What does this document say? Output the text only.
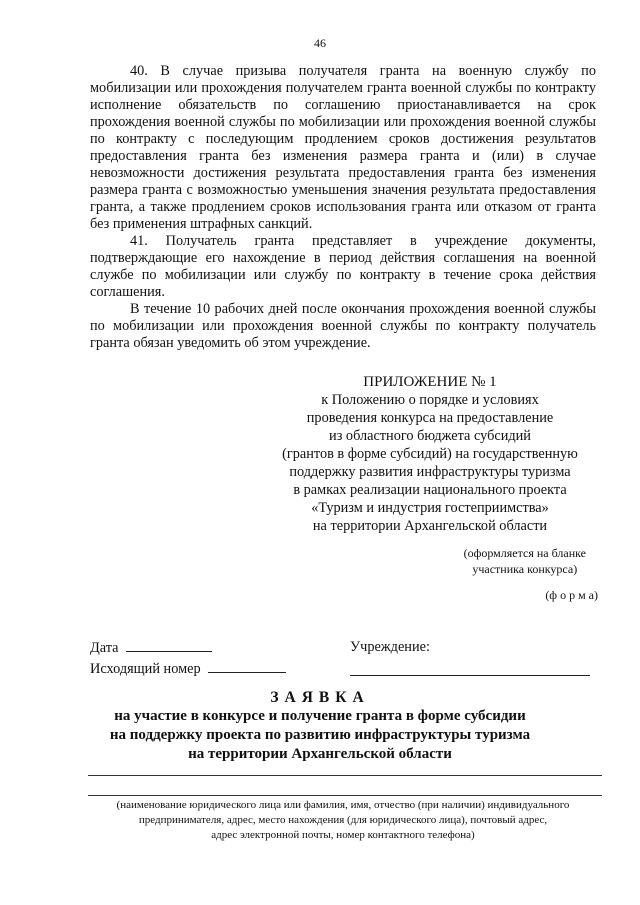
46

40. В случае призыва получателя гранта на военную службу по мобилизации или прохождения получателем гранта военной службы по контракту исполнение обязательств по соглашению приостанавливается на срок прохождения военной службы по мобилизации или прохождения военной службы по контракту с последующим продлением сроков достижения результатов предоставления гранта без изменения размера гранта и (или) в случае невозможности достижения результата предоставления гранта без изменения размера гранта с возможностью уменьшения значения результата предоставления гранта, а также продлением сроков использования гранта или отказом от гранта без применения штрафных санкций.

41. Получатель гранта представляет в учреждение документы, подтверждающие его нахождение в период действия соглашения на военной службе по мобилизации или службу по контракту в течение срока действия соглашения.

В течение 10 рабочих дней после окончания прохождения военной службы по мобилизации или прохождения военной службы по контракту получатель гранта обязан уведомить об этом учреждение.

ПРИЛОЖЕНИЕ № 1
к Положению о порядке и условиях
проведения конкурса на предоставление
из областного бюджета субсидий
(грантов в форме субсидий) на государственную
поддержку развития инфраструктуры туризма
в рамках реализации национального проекта
«Туризм и индустрия гостеприимства»
на территории Архангельской области
(оформляется на бланке
участника конкурса)
(ф о р м а)
Дата
Исходящий номер
Учреждение:
ЗАЯВКА
на участие в конкурсе и получение гранта в форме субсидии
на поддержку проекта по развитию инфраструктуры туризма
на территории Архангельской области
(наименование юридического лица или фамилия, имя, отчество (при наличии) индивидуального
предпринимателя, адрес, место нахождения (для юридического лица), почтовый адрес,
адрес электронной почты, номер контактного телефона)
